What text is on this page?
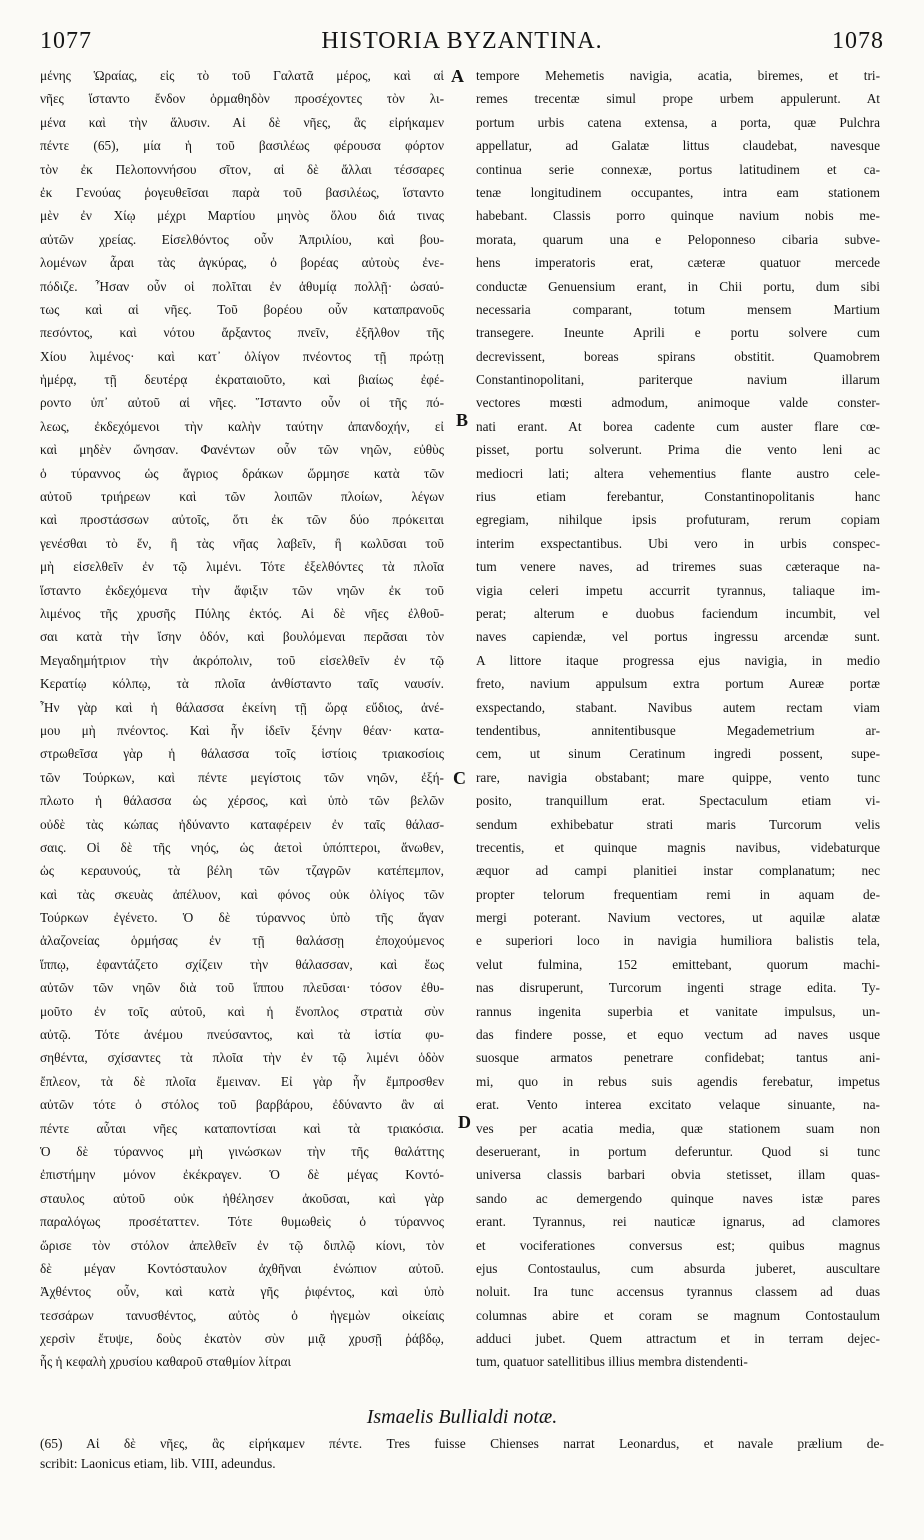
1077	HISTORIA BYZANTINA.	1078
μένης Ὡραίας, εἰς τὸ τοῦ Γαλατᾶ μέρος, καὶ αἱ
νῆες ἵσταντο ἔνδον ὁρμαθηδὸν προσέχοντες τὸν λι-
μένα καὶ τὴν ἅλυσιν. Αἱ δὲ νῆες, ἃς εἰρήκαμεν
πέντε (65), μία ἡ τοῦ βασιλέως φέρουσα φόρτον
τὸν ἐκ Πελοποννήσου σῖτον, αἱ δὲ ἄλλαι τέσσαρες
ἐκ Γενούας ῥογευθεῖσαι παρὰ τοῦ βασιλέως, ἵσταντο
μὲν ἐν Χίῳ μέχρι Μαρτίου μηνὸς ὅλου διά τινας
αὐτῶν χρείας. Εἰσελθόντος οὖν Ἀπριλίου, καὶ βου-
λομένων ἆραι τὰς ἀγκύρας, ὁ βορέας αὐτοὺς ἐνε-
πόδιζε. Ἦσαν οὖν οἱ πολῖται ἐν ἀθυμίᾳ πολλῇ· ὡσαύ-
τως καὶ αἱ νῆες. Τοῦ βορέου οὖν καταπρανοῦς
πεσόντος, καὶ νότου ἄρξαντος πνεῖν, ἐξῆλθον τῆς
Χίου λιμένος· καὶ κατ᾽ ὀλίγον πνέοντος τῇ πρώτῃ
ἡμέρᾳ, τῇ δευτέρᾳ ἐκραταιοῦτο, καὶ βιαίως ἐφέ-
ροντο ὑπ᾽ αὐτοῦ αἱ νῆες. Ἵσταντο οὖν οἱ τῆς πό-
λεως, ἐκδεχόμενοι τὴν καλὴν ταύτην ἀπανδοχήν, εἰ
καὶ μηδὲν ὤνησαν. Φανέντων οὖν τῶν νηῶν, εὐθὺς
ὁ τύραννος ὡς ἄγριος δράκων ὥρμησε κατὰ τῶν
αὐτοῦ τριήρεων καὶ τῶν λοιπῶν πλοίων, λέγων
καὶ προστάσσων αὐτοῖς, ὅτι ἐκ τῶν δύο πρόκειται
γενέσθαι τὸ ἕν, ἢ τὰς νῆας λαβεῖν, ἢ κωλῦσαι τοῦ
μὴ εἰσελθεῖν ἐν τῷ λιμένι. Τότε ἐξελθόντες τὰ πλοῖα
ἵσταντο ἐκδεχόμενα τὴν ἄφιξιν τῶν νηῶν ἐκ τοῦ
λιμένος τῆς χρυσῆς Πύλης ἐκτός. Αἱ δὲ νῆες ἐλθοῦ-
σαι κατὰ τὴν ἴσην ὁδόν, καὶ βουλόμεναι περᾶσαι τὸν
Μεγαδημήτριον τὴν ἀκρόπολιν, τοῦ εἰσελθεῖν ἐν τῷ
Κερατίῳ κόλπῳ, τὰ πλοῖα ἀνθίσταντο ταῖς ναυσίν.
Ἦν γὰρ καὶ ἡ θάλασσα ἐκείνη τῇ ὥρᾳ εὔδιος, ἀνέ-
μου μὴ πνέοντος. Καὶ ἦν ἰδεῖν ξένην θέαν· κατα-
στρωθεῖσα γὰρ ἡ θάλασσα τοῖς ἱστίοις τριακοσίοις
τῶν Τούρκων, καὶ πέντε μεγίστοις τῶν νηῶν, ἐξή-
πλωτο ἡ θάλασσα ὡς χέρσος, καὶ ὑπὸ τῶν βελῶν
οὐδὲ τὰς κώπας ἠδύναντο καταφέρειν ἐν ταῖς θάλασ-
σαις. Οἱ δὲ τῆς νηός, ὡς ἀετοὶ ὑπόπτεροι, ἄνωθεν,
ὡς κεραυνούς, τὰ βέλη τῶν τζαγρῶν κατέπεμπον,
καὶ τὰς σκευὰς ἀπέλυον, καὶ φόνος οὐκ ὀλίγος τῶν
Τούρκων ἐγένετο. Ὁ δὲ τύραννος ὑπὸ τῆς ἄγαν
ἀλαζονείας ὁρμήσας ἐν τῇ θαλάσσῃ ἐποχούμενος
ἵππῳ, ἐφαντάζετο σχίζειν τὴν θάλασσαν, καὶ ἕως
αὐτῶν τῶν νηῶν διὰ τοῦ ἵππου πλεῦσαι· τόσον ἐθυ-
μοῦτο ἐν τοῖς αὐτοῦ, καὶ ἡ ἔνοπλος στρατιὰ σὺν
αὐτῷ. Τότε ἀνέμου πνεύσαντος, καὶ τὰ ἱστία φυ-
σηθέντα, σχίσαντες τὰ πλοῖα τὴν ἐν τῷ λιμένι ὁδὸν
ἔπλεον, τὰ δὲ πλοῖα ἔμειναν. Εἰ γὰρ ἦν ἔμπροσθεν
αὐτῶν τότε ὁ στόλος τοῦ βαρβάρου, ἐδύναντο ἂν αἱ
πέντε αὗται νῆες καταποντίσαι καὶ τὰ τριακόσια.
Ὁ δὲ τύραννος μὴ γινώσκων τὴν τῆς θαλάττης
ἐπιστήμην μόνον ἐκέκραγεν. Ὁ δὲ μέγας Κοντό-
σταυλος αὐτοῦ οὐκ ἠθέλησεν ἀκοῦσαι, καὶ γὰρ
παραλόγως προσέταττεν. Τότε θυμωθεὶς ὁ τύραννος
ὥρισε τὸν στόλον ἀπελθεῖν ἐν τῷ διπλῷ κίονι, τὸν
δὲ μέγαν Κοντόσταυλον ἀχθῆναι ἐνώπιον αὐτοῦ.
Ἀχθέντος οὖν, καὶ κατὰ γῆς ῥιφέντος, καὶ ὑπὸ
τεσσάρων τανυσθέντος, αὐτὸς ὁ ἡγεμὼν οἰκείαις
χερσὶν ἔτυψε, δοὺς ἑκατὸν σὺν μιᾷ χρυσῇ ῥάβδῳ,
ἧς ἡ κεφαλὴ χρυσίου καθαροῦ σταθμίον λίτραι
tempore Mehemetis navigia, acatia, biremes, et tri-
remes trecentæ simul prope urbem appulerunt. At
portum urbis catena extensa, a porta, quæ Pulchra
appellatur, ad Galatæ littus claudebat, navesque
continua serie connexæ, portus latitudinem et ca-
tenæ longitudinem occupantes, intra eam stationem
habebant. Classis porro quinque navium nobis me-
morata, quarum una e Peloponneso cibaria subve-
hens imperatoris erat, cæteræ quatuor mercede
conductæ Genuensium erant, in Chii portu, dum sibi
necessaria comparant, totum mensem Martium
transegere. Ineunte Aprili e portu solvere cum
decrevissent, boreas spirans obstitit. Quamobrem
Constantinopolitani, pariterque navium illarum
vectores mœsti admodum, animoque valde conster-
nati erant. At borea cadente cum auster flare cœ-
pisset, portu solverunt. Prima die vento leni ac
mediocri lati; altera vehementius flante austro cele-
rius etiam ferebantur, Constantinopolitanis hanc
egregiam, nihilque ipsis profuturam, rerum copiam
interim exspectantibus. Ubi vero in urbis conspec-
tum venere naves, ad triremes suas cæteraque na-
vigia celeri impetu accurrit tyrannus, taliaque im-
perat; alterum e duobus faciendum incumbit, vel
naves capiendæ, vel portus ingressu arcendæ sunt.
A littore itaque progressa ejus navigia, in medio
freto, navium appulsum extra portum Aureæ portæ
exspectando, stabant. Navibus autem rectam viam
tendentibus, annitentibusque Megademetrium ar-
cem, ut sinum Ceratinum ingredi possent, supe-
rare, navigia obstabant; mare quippe, vento tunc
posito, tranquillum erat. Spectaculum etiam vi-
sendum exhibebatur strati maris Turcorum velis
trecentis, et quinque magnis navibus, videbaturque
æquor ad campi planitiei instar complanatum; nec
propter telorum frequentiam remi in aquam de-
mergi poterant. Navium vectores, ut aquilæ alatæ
e superiori loco in navigia humiliora balistis tela,
velut fulmina, 152 emittebant, quorum machi-
nas disruperunt, Turcorum ingenti strage edita. Ty-
rannus ingenita superbia et vanitate impulsus, un-
das findere posse, et equo vectum ad naves usque
suosque armatos penetrare confidebat; tantus ani-
mi, quo in rebus suis agendis ferebatur, impetus
erat. Vento interea excitato velaque sinuante, na-
ves per acatia media, quæ stationem suam non
deseruerant, in portum deferuntur. Quod si tunc
universa classis barbari obvia stetisset, illam quas-
sando ac demergendo quinque naves istæ pares
erant. Tyrannus, rei nauticæ ignarus, ad clamores
et vociferationes conversus est; quibus magnus
ejus Contostaulus, cum absurda juberet, auscultare
noluit. Ira tunc accensus tyrannus classem ad duas
columnas abire et coram se magnum Contostaulum
adduci jubet. Quem attractum et in terram dejec-
tum, quatuor satellitibus illius membra distendenti-
A
B
C
D
Ismaelis Bullialdi notæ.
(65) Αἱ δὲ νῆες, ἃς εἰρήκαμεν πέντε. Tres fuisse Chienses narrat Leonardus, et navale prælium de-
scribit: Laonicus etiam, lib. VIII, adeundus.
